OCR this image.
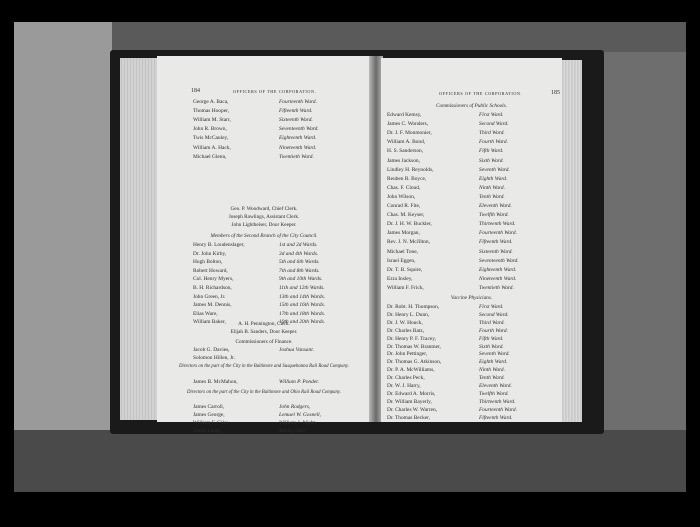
184	OFFICERS OF THE CORPORATION.
George A. Baca,	Fourteenth Ward.
Thomas Hooper,	Fifteenth Ward.
William M. Starr,	Sixteenth Ward.
John R. Brown,	Seventeenth Ward.
Twis McCauley,	Eighteenth Ward.
William A. Hack,	Nineteenth Ward.
Michael Glenn,	Twentieth Ward.
Geo. P. Woodward, Chief Clerk.
Joseph Rawlings, Assistant Clerk.
John Lightheiser, Door Keeper.
Members of the Second Branch of the City Council.
Henry B. Loudenslager,	1st and 2d Wards.
Dr. John Kirby,	3d and 4th Wards.
Hugh Bolton,	5th and 6th Wards.
Robert Howard,	7th and 8th Wards.
Col. Henry Myers,	9th and 10th Wards.
B. H. Richardson,	11th and 12th Wards.
John Green, Jr.	13th and 14th Wards.
James M. Dennis,	15th and 16th Wards.
Elias Ware,	17th and 18th Wards.
William Baker,	19th and 20th Wards.
A. H. Pennington, Clerk.
Elijah B. Sanders, Door Keeper.
Commissioners of Finance.
Jacob G. Davies,	Joshua Vansant.
Solomon Hillen, Jr.
Directors on the part of the City in the Baltimore and Susquehanna Rail Road Company.
James B. McMahon,	William P. Ponder.
Directors on the part of the City in the Baltimore and Ohio Rail Road Company.
James Carroll,	John Rodgers,
James George,	Lemuel W. Gosnell,
William F. Giles,	William J. Wight,
James Leeds,	Wesley Starr.
OFFICERS OF THE CORPORATION.	185
Commissioners of Public Schools.
Edward Kemsy,	First Ward.
James C. Wonders,	Second Ward.
Dr. J. F. Monmonier,	Third Ward.
William A. Bond,	Fourth Ward.
H. S. Sanderson,	Fifth Ward.
James Jackson,	Sixth Ward.
Lindley H. Reynolds,	Seventh Ward.
Reuben B. Boyce,	Eighth Ward.
Chas. F. Cloud,	Ninth Ward.
John Wilson,	Tenth Ward.
Conrad R. Fite,	Eleventh Ward.
Chas. M. Keyser,	Twelfth Ward.
Dr. J. H. W. Buckler,	Thirteenth Ward.
James Morgan,	Fourteenth Ward.
Rev. J. N. McJilton,	Fifteenth Ward.
Michael Tone,	Sixteenth Ward.
Israel Eggen,	Seventeenth Ward.
Dr. T. B. Squire,	Eighteenth Ward.
Ezra Insley,	Nineteenth Ward.
William F. Frick,	Twentieth Ward.
Vaccine Physicians.
Dr. Robt. H. Thompson,	First Ward.
Dr. Henry L. Dunn,	Second Ward.
Dr. J. W. Houck,	Third Ward.
Dr. Charles Batz,	Fourth Ward.
Dr. Henry P. F. Tracey,	Fifth Ward.
Dr. Thomas W. Brantner,	Sixth Ward.
Dr. John Pettinger,	Seventh Ward.
Dr. Thomas G. Atkinson,	Eighth Ward.
Dr. P. A. McWilliams,	Ninth Ward.
Dr. Charles Peck,	Tenth Ward.
Dr. W. J. Harry,	Eleventh Ward.
Dr. Edward A. Morris,	Twelfth Ward.
Dr. William Bayerly,	Thirteenth Ward.
Dr. Charles W. Warren,	Fourteenth Ward.
Dr. Thomas Becker,	Fifteenth Ward.
